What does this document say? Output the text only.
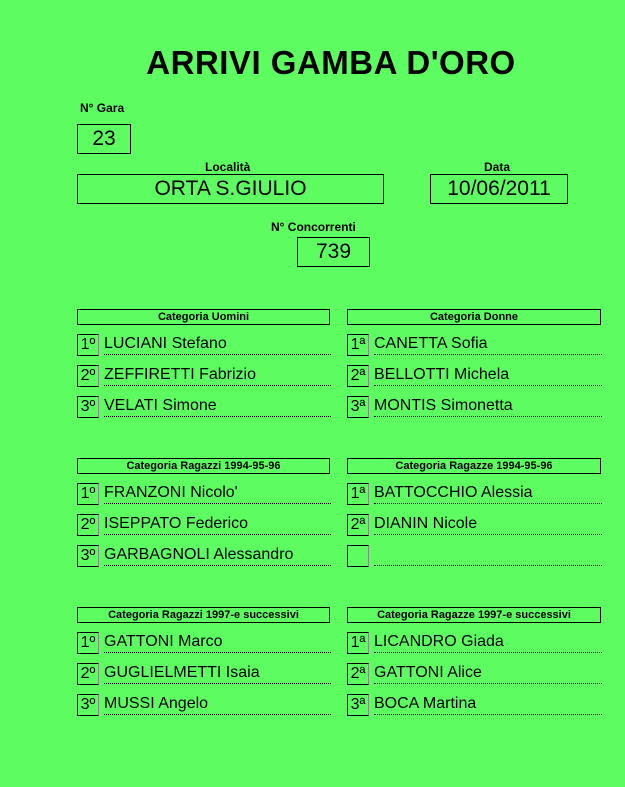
ARRIVI GAMBA D'ORO
N° Gara
23
Località
ORTA S.GIULIO
Data
10/06/2011
N° Concorrenti
739
Categoria Uomini
1º LUCIANI Stefano
2º ZEFFIRETTI Fabrizio
3º VELATI Simone
Categoria Donne
1ª CANETTA Sofia
2ª BELLOTTI Michela
3ª MONTIS Simonetta
Categoria Ragazzi 1994-95-96
1º FRANZONI Nicolo'
2º ISEPPATO Federico
3º GARBAGNOLI Alessandro
Categoria Ragazze 1994-95-96
1ª BATTOCCHIO Alessia
2ª DIANIN Nicole
Categoria Ragazzi 1997-e successivi
1º GATTONI Marco
2º GUGLIELMETTI Isaia
3º MUSSI Angelo
Categoria Ragazze 1997-e successivi
1ª LICANDRO Giada
2ª GATTONI Alice
3ª BOCA Martina
